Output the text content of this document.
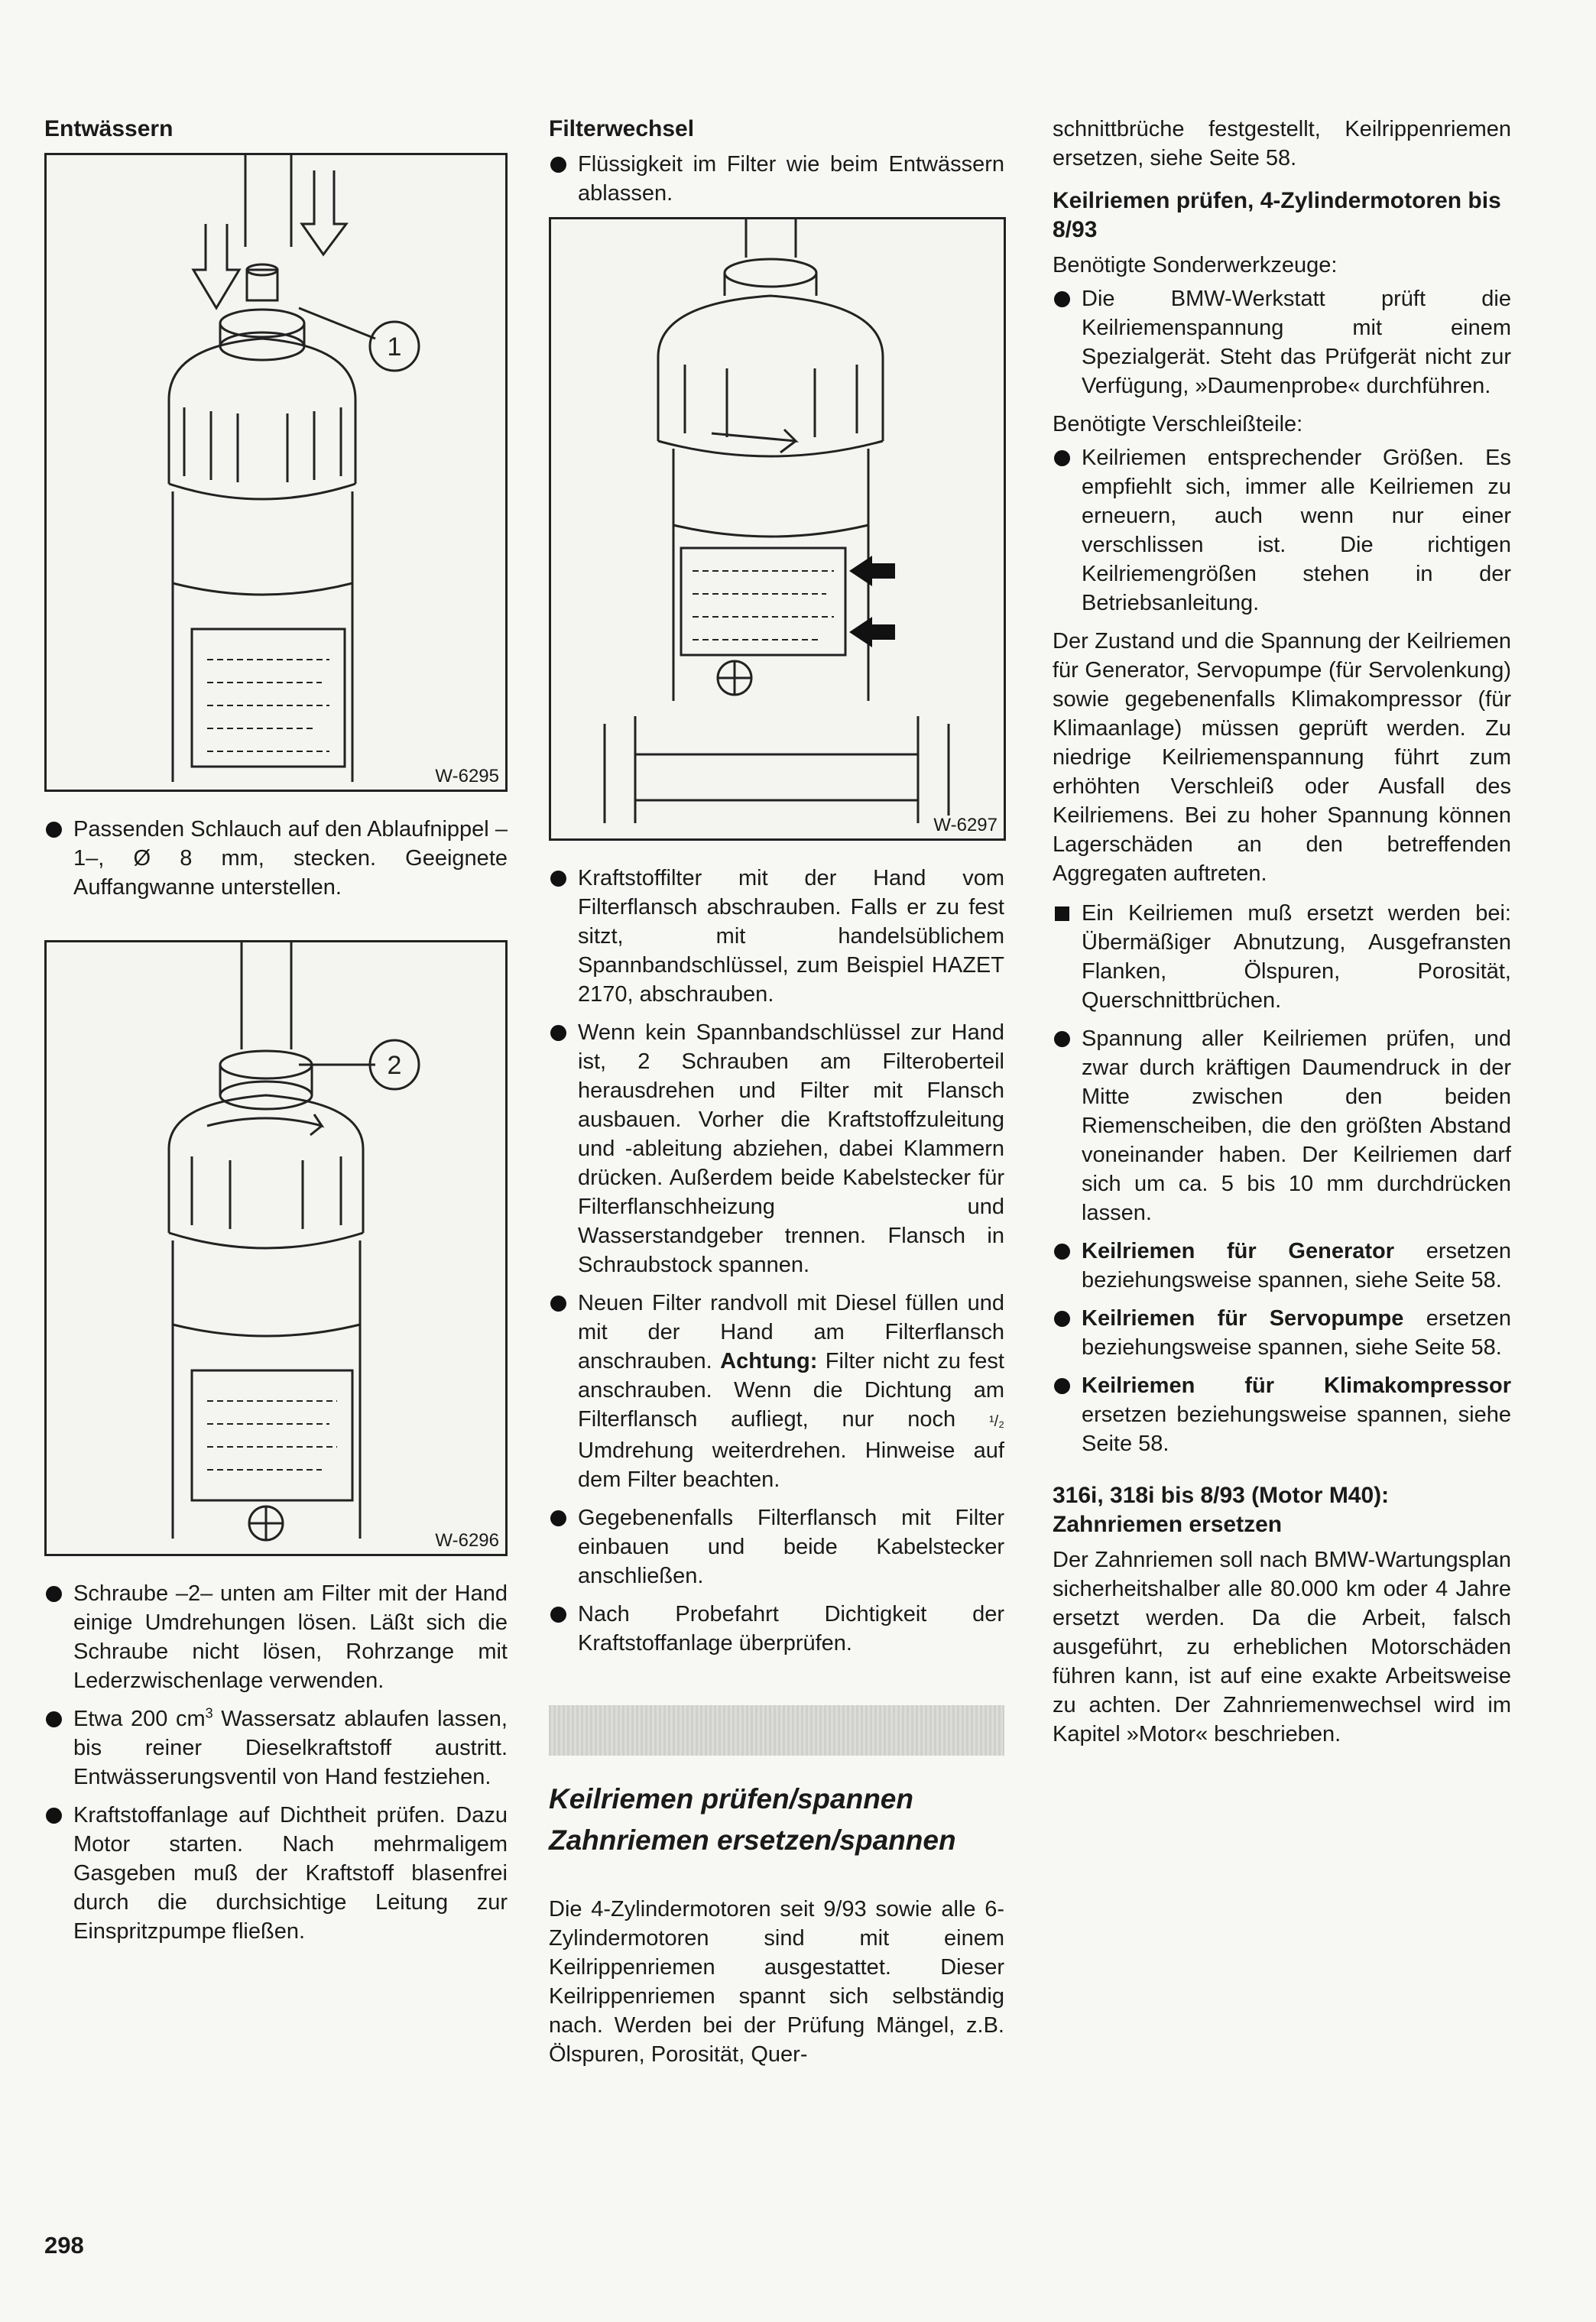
Entwässern
1
W-6295
Passenden Schlauch auf den Ablaufnippel –1–, Ø 8 mm, stecken. Geeignete Auffangwanne unterstellen.
2
W-6296
Schraube –2– unten am Filter mit der Hand einige Umdrehungen lösen. Läßt sich die Schraube nicht lösen, Rohrzange mit Lederzwischenlage verwenden.
Etwa 200 $cm^3$ Wassersatz ablaufen lassen, bis reiner Dieselkraftstoff austritt. Entwässerungsventil von Hand festziehen.
Kraftstoffanlage auf Dichtheit prüfen. Dazu Motor starten. Nach mehrmaligem Gasgeben muß der Kraftstoff blasenfrei durch die durchsichtige Leitung zur Einspritzpumpe fließen.
Filterwechsel
Flüssigkeit im Filter wie beim Entwässern ablassen.
W-6297
Kraftstoffilter mit der Hand vom Filterflansch abschrauben. Falls er zu fest sitzt, mit handelsüblichem Spannbandschlüssel, zum Beispiel HAZET 2170, abschrauben.
Wenn kein Spannbandschlüssel zur Hand ist, 2 Schrauben am Filteroberteil herausdrehen und Filter mit Flansch ausbauen. Vorher die Kraftstoffzuleitung und -ableitung abziehen, dabei Klammern drücken. Außerdem beide Kabelstecker für Filterflanschheizung und Wasserstandgeber trennen. Flansch in Schraubstock spannen.
Neuen Filter randvoll mit Diesel füllen und mit der Hand am Filterflansch anschrauben. Achtung: Filter nicht zu fest anschrauben. Wenn die Dichtung am Filterflansch aufliegt, nur noch ¹/₂ Umdrehung weiterdrehen. Hinweise auf dem Filter beachten.
Gegebenenfalls Filterflansch mit Filter einbauen und beide Kabelstecker anschließen.
Nach Probefahrt Dichtigkeit der Kraftstoffanlage überprüfen.
Keilriemen prüfen/spannen
Zahnriemen ersetzen/spannen
Die 4-Zylindermotoren seit 9/93 sowie alle 6-Zylindermotoren sind mit einem Keilrippenriemen ausgestattet. Dieser Keilrippenriemen spannt sich selbständig nach. Werden bei der Prüfung Mängel, z.B. Ölspuren, Porosität, Quer-
schnittbrüche festgestellt, Keilrippenriemen ersetzen, siehe Seite 58.
Keilriemen prüfen, 4-Zylindermotoren bis 8/93
Benötigte Sonderwerkzeuge:
Die BMW-Werkstatt prüft die Keilriemenspannung mit einem Spezialgerät. Steht das Prüfgerät nicht zur Verfügung, »Daumenprobe« durchführen.
Benötigte Verschleißteile:
Keilriemen entsprechender Größen. Es empfiehlt sich, immer alle Keilriemen zu erneuern, auch wenn nur einer verschlissen ist. Die richtigen Keilriemengrößen stehen in der Betriebsanleitung.
Der Zustand und die Spannung der Keilriemen für Generator, Servopumpe (für Servolenkung) sowie gegebenenfalls Klimakompressor (für Klimaanlage) müssen geprüft werden. Zu niedrige Keilriemenspannung führt zum erhöhten Verschleiß oder Ausfall des Keilriemens. Bei zu hoher Spannung können Lagerschäden an den betreffenden Aggregaten auftreten.
Ein Keilriemen muß ersetzt werden bei: Übermäßiger Abnutzung, Ausgefransten Flanken, Ölspuren, Porosität, Querschnittbrüchen.
Spannung aller Keilriemen prüfen, und zwar durch kräftigen Daumendruck in der Mitte zwischen den beiden Riemenscheiben, die den größten Abstand voneinander haben. Der Keilriemen darf sich um ca. 5 bis 10 mm durchdrücken lassen.
Keilriemen für Generator ersetzen beziehungsweise spannen, siehe Seite 58.
Keilriemen für Servopumpe ersetzen beziehungsweise spannen, siehe Seite 58.
Keilriemen für Klimakompressor ersetzen beziehungsweise spannen, siehe Seite 58.
316i, 318i bis 8/93 (Motor M40): Zahnriemen ersetzen
Der Zahnriemen soll nach BMW-Wartungsplan sicherheitshalber alle 80.000 km oder 4 Jahre ersetzt werden. Da die Arbeit, falsch ausgeführt, zu erheblichen Motorschäden führen kann, ist auf eine exakte Arbeitsweise zu achten. Der Zahnriemenwechsel wird im Kapitel »Motor« beschrieben.
298
